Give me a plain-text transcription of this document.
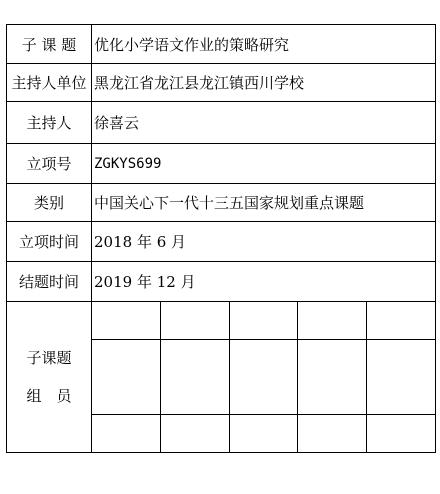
子 课 题	优化小学语文作业的策略研究
主持人单位	黑龙江省龙江县龙江镇西川学校
主持人	徐喜云
立项号	ZGKYS699
类别	中国关心下一代十三五国家规划重点课题
立项时间	2018 年 6 月
结题时间	2019 年 12 月

子课题
组　员
